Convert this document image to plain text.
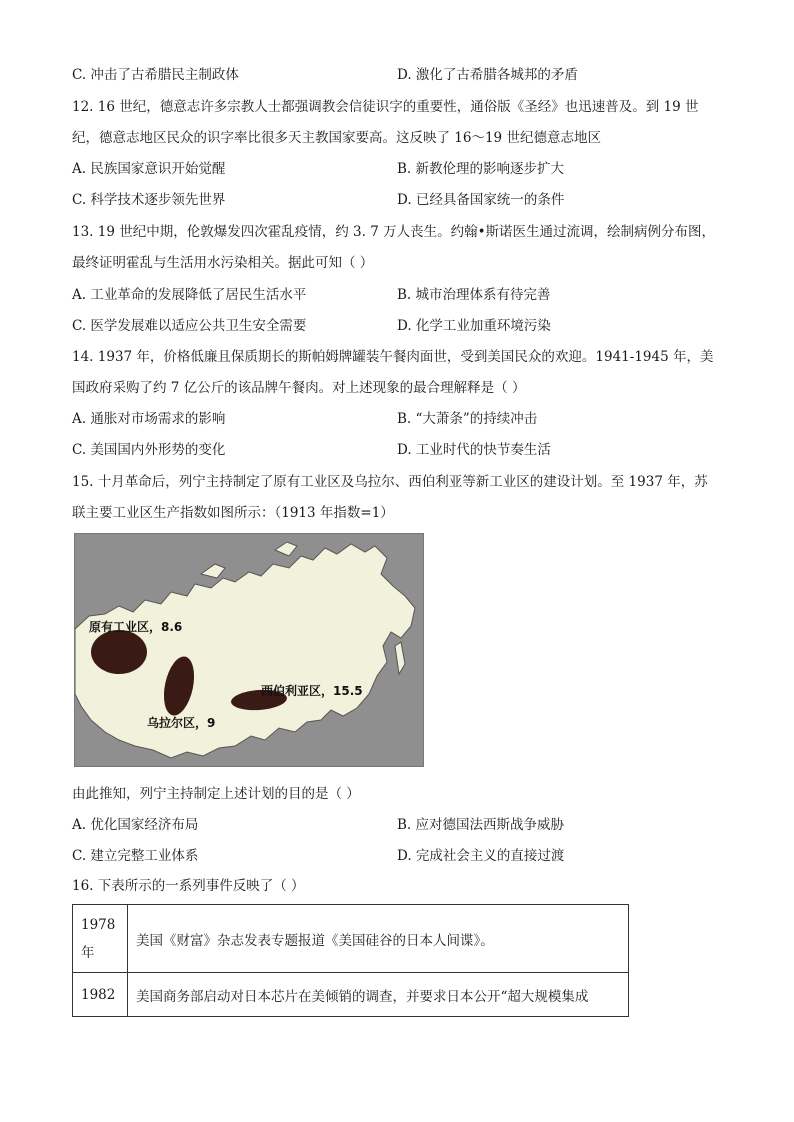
C. 冲击了古希腊民主制政体	D. 激化了古希腊各城邦的矛盾
12. 16 世纪，德意志许多宗教人士都强调教会信徒识字的重要性，通俗版《圣经》也迅速普及。到 19 世
纪，德意志地区民众的识字率比很多天主教国家要高。这反映了 16～19 世纪德意志地区
A. 民族国家意识开始觉醒	B. 新教伦理的影响逐步扩大
C. 科学技术逐步领先世界	D. 已经具备国家统一的条件
13. 19 世纪中期，伦敦爆发四次霍乱疫情，约 3. 7 万人丧生。约翰•斯诺医生通过流调，绘制病例分布图，
最终证明霍乱与生活用水污染相关。据此可知（ ）
A. 工业革命的发展降低了居民生活水平	B. 城市治理体系有待完善
C. 医学发展难以适应公共卫生安全需要	D. 化学工业加重环境污染
14. 1937 年，价格低廉且保质期长的斯帕姆牌罐装午餐肉面世，受到美国民众的欢迎。1941-1945 年，美
国政府采购了约 7 亿公斤的该品牌午餐肉。对上述现象的最合理解释是（ ）
A. 通胀对市场需求的影响	B. “大萧条”的持续冲击
C. 美国国内外形势的变化	D. 工业时代的快节奏生活
15. 十月革命后，列宁主持制定了原有工业区及乌拉尔、西伯利亚等新工业区的建设计划。至 1937 年，苏
联主要工业区生产指数如图所示：（1913 年指数=1）
原有工业区，8.6
乌拉尔区，9
西伯利亚区，15.5
由此推知，列宁主持制定上述计划的目的是（ ）
A. 优化国家经济布局	B. 应对德国法西斯战争威胁
C. 建立完整工业体系	D. 完成社会主义的直接过渡
16. 下表所示的一系列事件反映了（ ）
1978 年	美国《财富》杂志发表专题报道《美国硅谷的日本人间谍》。
1982	美国商务部启动对日本芯片在美倾销的调查，并要求日本公开“超大规模集成
